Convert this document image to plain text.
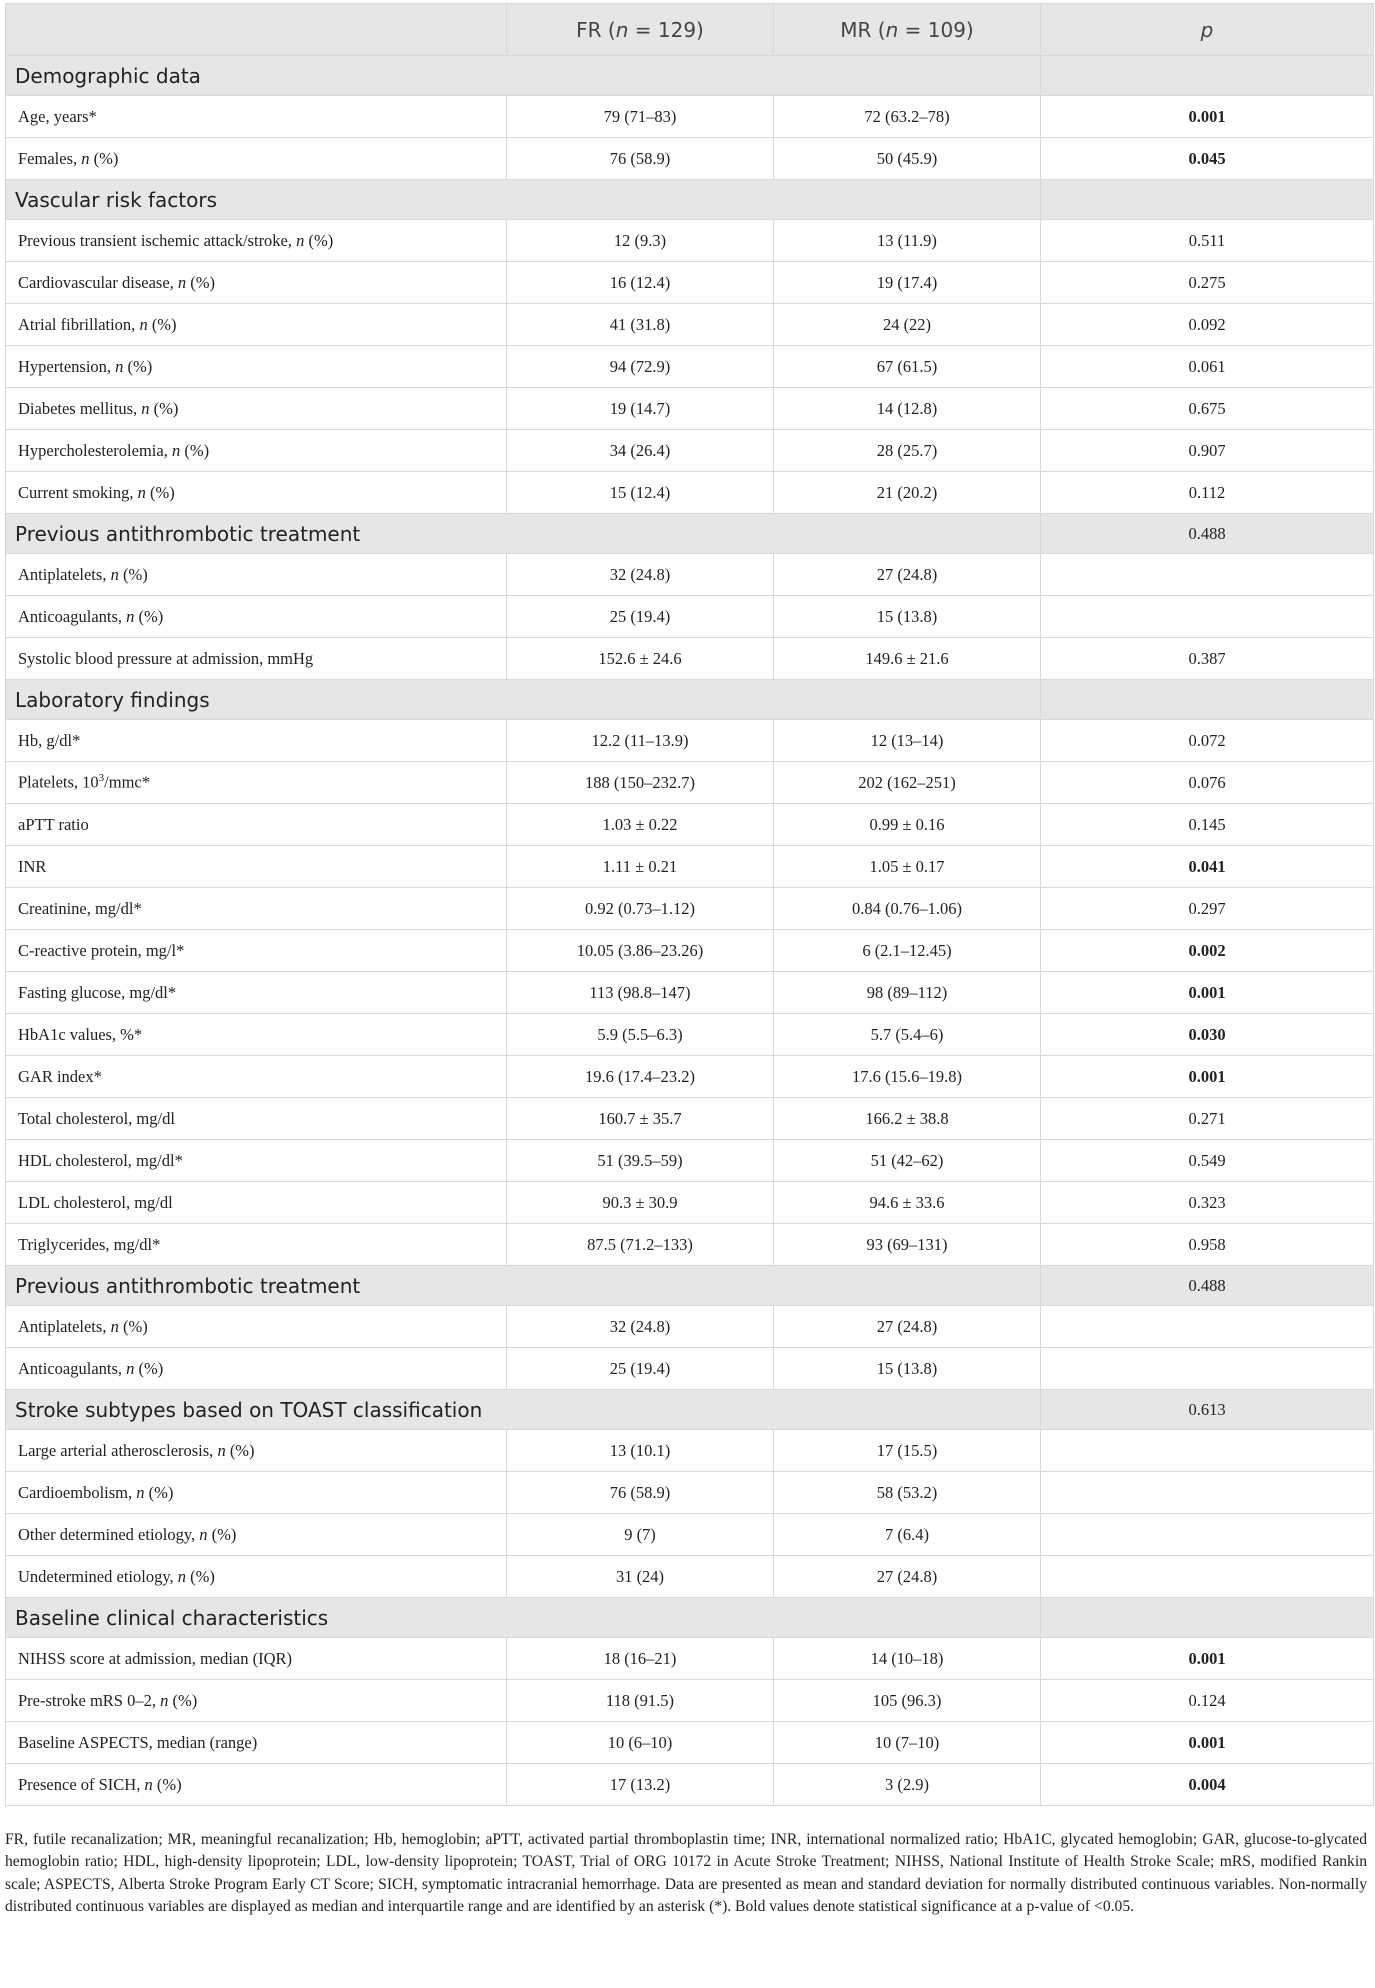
	FR (n = 129)	MR (n = 109)	p
Demographic data			
Age, years*	79 (71–83)	72 (63.2–78)	0.001
Females, n (%)	76 (58.9)	50 (45.9)	0.045
Vascular risk factors			
Previous transient ischemic attack/stroke, n (%)	12 (9.3)	13 (11.9)	0.511
Cardiovascular disease, n (%)	16 (12.4)	19 (17.4)	0.275
Atrial fibrillation, n (%)	41 (31.8)	24 (22)	0.092
Hypertension, n (%)	94 (72.9)	67 (61.5)	0.061
Diabetes mellitus, n (%)	19 (14.7)	14 (12.8)	0.675
Hypercholesterolemia, n (%)	34 (26.4)	28 (25.7)	0.907
Current smoking, n (%)	15 (12.4)	21 (20.2)	0.112
Previous antithrombotic treatment			0.488
Antiplatelets, n (%)	32 (24.8)	27 (24.8)	
Anticoagulants, n (%)	25 (19.4)	15 (13.8)	
Systolic blood pressure at admission, mmHg	152.6 ± 24.6	149.6 ± 21.6	0.387
Laboratory findings			
Hb, g/dl*	12.2 (11–13.9)	12 (13–14)	0.072
Platelets, $10^3/mmc*$	188 (150–232.7)	202 (162–251)	0.076
aPTT ratio	1.03 ± 0.22	0.99 ± 0.16	0.145
INR	1.11 ± 0.21	1.05 ± 0.17	0.041
Creatinine, mg/dl*	0.92 (0.73–1.12)	0.84 (0.76–1.06)	0.297
C-reactive protein, mg/l*	10.05 (3.86–23.26)	6 (2.1–12.45)	0.002
Fasting glucose, mg/dl*	113 (98.8–147)	98 (89–112)	0.001
HbA1c values, %*	5.9 (5.5–6.3)	5.7 (5.4–6)	0.030
GAR index*	19.6 (17.4–23.2)	17.6 (15.6–19.8)	0.001
Total cholesterol, mg/dl	160.7 ± 35.7	166.2 ± 38.8	0.271
HDL cholesterol, mg/dl*	51 (39.5–59)	51 (42–62)	0.549
LDL cholesterol, mg/dl	90.3 ± 30.9	94.6 ± 33.6	0.323
Triglycerides, mg/dl*	87.5 (71.2–133)	93 (69–131)	0.958
Previous antithrombotic treatment			0.488
Antiplatelets, n (%)	32 (24.8)	27 (24.8)	
Anticoagulants, n (%)	25 (19.4)	15 (13.8)	
Stroke subtypes based on TOAST classification			0.613
Large arterial atherosclerosis, n (%)	13 (10.1)	17 (15.5)	
Cardioembolism, n (%)	76 (58.9)	58 (53.2)	
Other determined etiology, n (%)	9 (7)	7 (6.4)	
Undetermined etiology, n (%)	31 (24)	27 (24.8)	
Baseline clinical characteristics			
NIHSS score at admission, median (IQR)	18 (16–21)	14 (10–18)	0.001
Pre-stroke mRS 0–2, n (%)	118 (91.5)	105 (96.3)	0.124
Baseline ASPECTS, median (range)	10 (6–10)	10 (7–10)	0.001
Presence of SICH, n (%)	17 (13.2)	3 (2.9)	0.004
FR, futile recanalization; MR, meaningful recanalization; Hb, hemoglobin; aPTT, activated partial thromboplastin time; INR, international normalized ratio; HbA1C, glycated hemoglobin; GAR, glucose-to-glycated hemoglobin ratio; HDL, high-density lipoprotein; LDL, low-density lipoprotein; TOAST, Trial of ORG 10172 in Acute Stroke Treatment; NIHSS, National Institute of Health Stroke Scale; mRS, modified Rankin scale; ASPECTS, Alberta Stroke Program Early CT Score; SICH, symptomatic intracranial hemorrhage. Data are presented as mean and standard deviation for normally distributed continuous variables. Non-normally distributed continuous variables are displayed as median and interquartile range and are identified by an asterisk (*). Bold values denote statistical significance at a p-value of <0.05.
